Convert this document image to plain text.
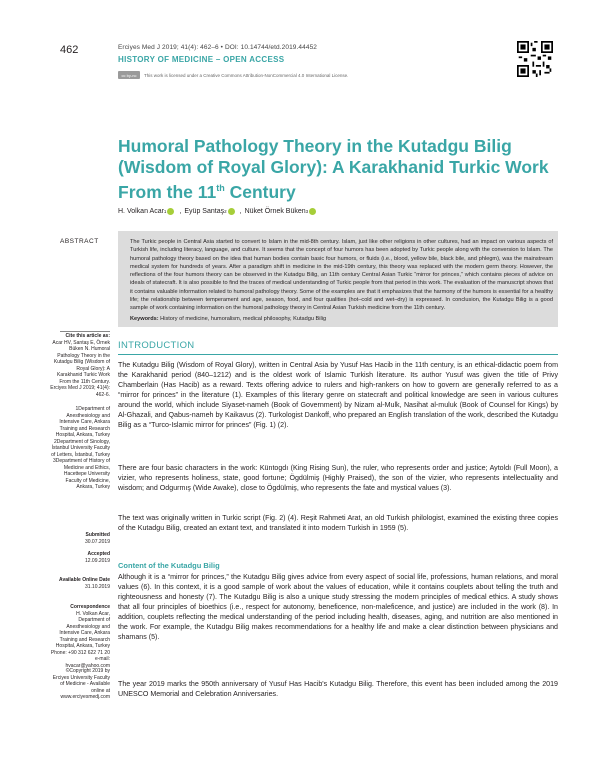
462	Erciyes Med J 2019; 41(4): 462–6 • DOI: 10.14744/etd.2019.44452
HISTORY OF MEDICINE – OPEN ACCESS
cc by-nc	This work is licensed under a Creative Commons Attribution-NonCommercial 4.0 International License.
Humoral Pathology Theory in the Kutadgu Bilig (Wisdom of Royal Glory): A Karakhanid Turkic Work From the 11th Century
H. Volkan Acar 1 , Eyüp Santaş 2 , Nüket Örnek Büken 3
ABSTRACT	The Turkic people in Central Asia started to convert to Islam in the mid-8th century. Islam, just like other religions in other cultures, had an impact on various aspects of Turkish life, including literacy, language, and culture. It seems that the concept of four humors has been adopted by Turkic people along with the conversion to Islam. The humoral pathology theory based on the idea that human bodies contain basic four humors, or fluids (i.e., blood, yellow bile, black bile, and phlegm), was the mainstream medical system for hundreds of years. After a paradigm shift in medicine in the mid-19th century, this theory was replaced with the modern germ theory. However, the reflections of the four humors theory can be observed in the Kutadgu Bilig, an 11th century Central Asian Turkic “mirror for princes,” which contains pieces of advice on ideals of statecraft. It is also possible to find the traces of medical understanding of Turkic people from that period in this work. The evaluation of the manuscript shows that it contains valuable information related to humoral pathology theory. Some of the examples are that it emphasizes that the harmony of the humors is essential for a healthy life; the relationship between temperament and age, season, food, and four qualities (hot–cold and wet–dry) is expressed. In conclusion, the Kutadgu Bilig is a good sample of work containing information on the humoral pathology theory in Central Asian Turkish medicine from the 11th century.
Keywords: History of medicine, humoralism, medical philosophy, Kutadgu Bilig
Cite this article as:
Acar HV, Santaş E, Örnek Büken N. Humoral Pathology Theory in the Kutadgu Bilig (Wisdom of Royal Glory): A Karakhanid Turkic Work From the 11th Century. Erciyes Med J 2019; 41(4): 462-6.
1Department of Anesthesiology and Intensive Care, Ankara Training and Research Hospital, Ankara, Turkey 2Department of Sinology, İstanbul University Faculty of Letters, İstanbul, Turkey 3Department of History of Medicine and Ethics, Hacettepe University Faculty of Medicine, Ankara, Turkey
Submitted
30.07.2019
Accepted
12.09.2019
Available Online Date
31.10.2019
Correspondence
H. Volkan Acar, Department of Anesthesiology and Intensive Care, Ankara Training and Research Hospital, Ankara, Turkey Phone: +90 312 622 71 20 e-mail: hvacar@yahoo.com
©Copyright 2019 by Erciyes University Faculty of Medicine - Available online at www.erciyesmedj.com
INTRODUCTION
The Kutadgu Bilig (Wisdom of Royal Glory), written in Central Asia by Yusuf Has Hacib in the 11th century, is an ethical-didactic poem from the Karakhanid period (840–1212) and is the oldest work of Islamic Turkish literature. Its author Yusuf was given the title of Privy Chamberlain (Has Hacib) as a reward. Texts offering advice to rulers and high-rankers on how to govern are generally referred to as a “mirror for princes” in the literature (1). Examples of this literary genre on statecraft and political knowledge are seen in various cultures around the world, which include Siyaset-nameh (Book of Government) by Nizam al-Mulk, Nasihat al-muluk (Book of Counsel for Kings) by Al-Ghazali, and Qabus-nameh by Kaikavus (2). Turkologist Dankoff, who prepared an English translation of the work, described the Kutadgu Bilig as a “Turco-Islamic mirror for princes” (Fig. 1) (2).
There are four basic characters in the work: Küntogdı (King Rising Sun), the ruler, who represents order and justice; Aytoldı (Full Moon), a vizier, who represents holiness, state, good fortune; Ögdülmiş (Highly Praised), the son of the vizier, who represents intellectuality and wisdom; and Odgurmış (Wide Awake), close to Ögdülmiş, who represents the fate and mystical values (3).
The text was originally written in Turkic script (Fig. 2) (4). Reşit Rahmeti Arat, an old Turkish philologist, examined the existing three copies of the Kutadgu Bilig, created an extant text, and translated it into modern Turkish in 1959 (5).
Content of the Kutadgu Bilig
Although it is a “mirror for princes,” the Kutadgu Bilig gives advice from every aspect of social life, professions, human relations, and moral values (6). In this context, it is a good sample of work about the values of education, while it contains couplets about telling the truth and righteousness and honesty (7). The Kutadgu Bilig is also a unique study stressing the modern principles of medical ethics. A study shows that all four principles of bioethics (i.e., respect for autonomy, beneficence, non-maleficence, and justice) are included in the work (8). In addition, couplets reflecting the medical understanding of the period including health, diseases, aging, and nutrition are also mentioned in the work. For example, the Kutadgu Bilig makes recommendations for a healthy life and make a clear distinction between physicians and shamans (5).
The year 2019 marks the 950th anniversary of Yusuf Has Hacib's Kutadgu Bilig. Therefore, this event has been included among the 2019 UNESCO Memorial and Celebration Anniversaries.
